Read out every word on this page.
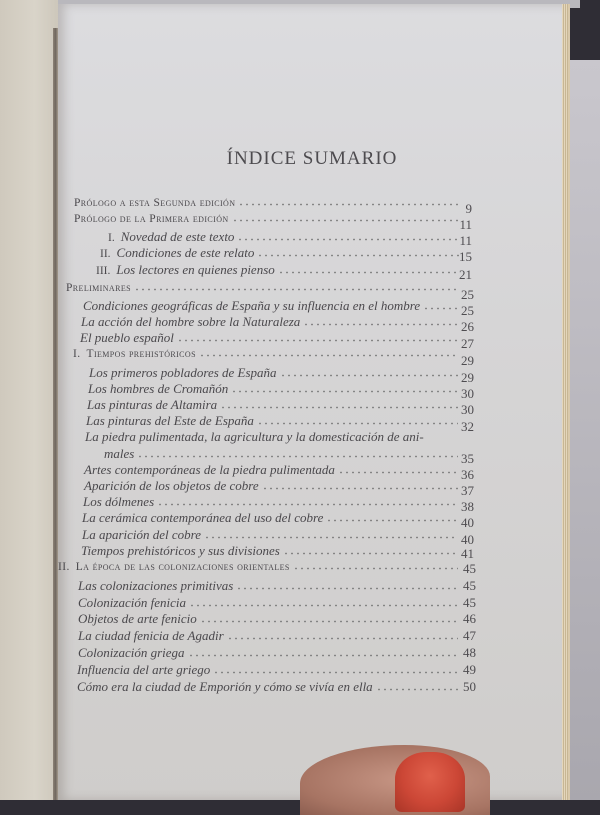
ÍNDICE SUMARIO
Prólogo a esta Segunda edición	9
Prólogo de la Primera edición	11
I. Novedad de este texto	11
II. Condiciones de este relato	15
III. Los lectores en quienes pienso	21
Preliminares	25
Condiciones geográficas de España y su influencia en el hombre	25
La acción del hombre sobre la Naturaleza	26
El pueblo español	27
I. Tiempos prehistóricos	29
Los primeros pobladores de España	29
Los hombres de Cromañón	30
Las pinturas de Altamira	30
Las pinturas del Este de España	32
La piedra pulimentada, la agricultura y la domesticación de ani-
males	35
Artes contemporáneas de la piedra pulimentada	36
Aparición de los objetos de cobre	37
Los dólmenes	38
La cerámica contemporánea del uso del cobre	40
La aparición del cobre	40
Tiempos prehistóricos y sus divisiones	41
II. La época de las colonizaciones orientales	45
Las colonizaciones primitivas	45
Colonización fenicia	45
Objetos de arte fenicio	46
La ciudad fenicia de Agadir	47
Colonización griega	48
Influencia del arte griego	49
Cómo era la ciudad de Emporión y cómo se vivía en ella	50
